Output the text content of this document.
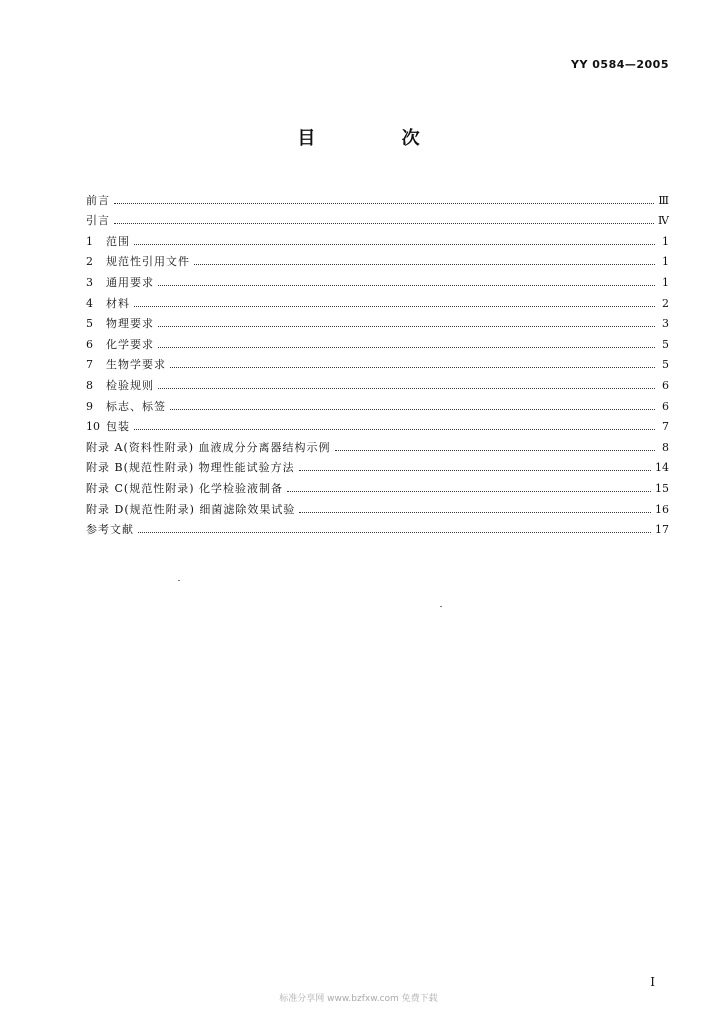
YY 0584—2005
目 次
前言	Ⅲ
引言	Ⅳ
1	范围	1
2	规范性引用文件	1
3	通用要求	1
4	材料	2
5	物理要求	3
6	化学要求	5
7	生物学要求	5
8	检验规则	6
9	标志、标签	6
10 包装	7
附录 A(资料性附录) 血液成分分离器结构示例	8
附录 B(规范性附录) 物理性能试验方法	14
附录 C(规范性附录) 化学检验液制备	15
附录 D(规范性附录) 细菌滤除效果试验	16
参考文献	17
I
标准分享网 www.bzfxw.com 免费下载
